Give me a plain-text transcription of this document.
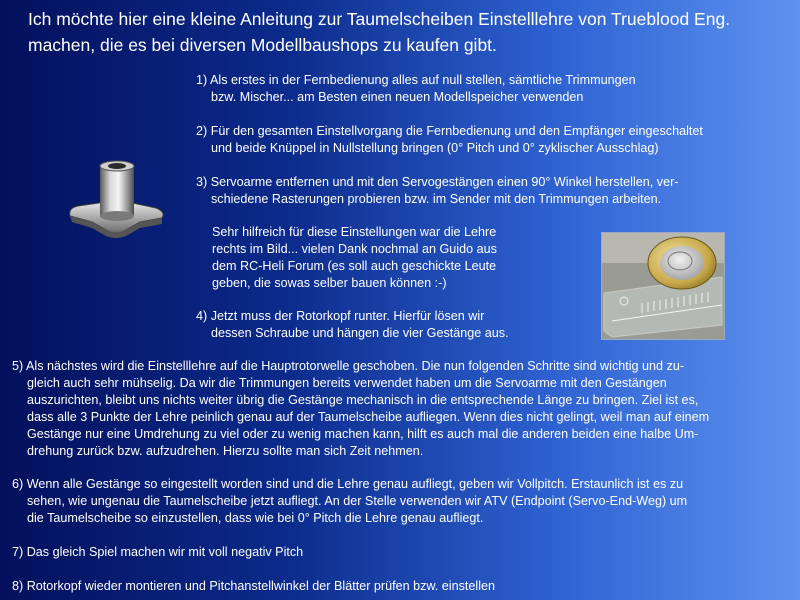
Ich möchte hier eine kleine Anleitung zur Taumelscheiben Einstelllehre von Trueblood Eng.
machen, die es bei diversen Modellbaushops zu kaufen gibt.
1) Als erstes in der Fernbedienung alles auf null stellen, sämtliche Trimmungen
bzw. Mischer... am Besten einen neuen Modellspeicher verwenden
2) Für den gesamten Einstellvorgang die Fernbedienung und den Empfänger eingeschaltet
und beide Knüppel in Nullstellung bringen (0° Pitch und 0° zyklischer Ausschlag)
3) Servoarme entfernen und mit den Servogestängen einen 90° Winkel herstellen, ver-
schiedene Rasterungen probieren bzw. im Sender mit den Trimmungen arbeiten.
Sehr hilfreich für diese Einstellungen war die Lehre
rechts im Bild... vielen Dank nochmal an Guido aus
dem RC-Heli Forum (es soll auch geschickte Leute
geben, die sowas selber bauen können :-)
4) Jetzt muss der Rotorkopf runter. Hierfür lösen wir
dessen Schraube und hängen die vier Gestänge aus.
5) Als nächstes wird die Einstelllehre auf die Hauptrotorwelle geschoben. Die nun folgenden Schritte sind wichtig und zu-
gleich auch sehr mühselig. Da wir die Trimmungen bereits verwendet haben um die Servoarme mit den Gestängen
auszurichten, bleibt uns nichts weiter übrig die Gestänge mechanisch in die entsprechende Länge zu bringen. Ziel ist es,
dass alle 3 Punkte der Lehre peinlich genau auf der Taumelscheibe aufliegen. Wenn dies nicht gelingt, weil man auf einem
Gestänge nur eine Umdrehung zu viel oder zu wenig machen kann, hilft es auch mal die anderen beiden eine halbe Um-
drehung zurück bzw. aufzudrehen. Hierzu sollte man sich Zeit nehmen.
6) Wenn alle Gestänge so eingestellt worden sind und die Lehre genau aufliegt, geben wir Vollpitch. Erstaunlich ist es zu
sehen, wie ungenau die Taumelscheibe jetzt aufliegt. An der Stelle verwenden wir ATV (Endpoint (Servo-End-Weg) um
die Taumelscheibe so einzustellen, dass wie bei 0° Pitch die Lehre genau aufliegt.
7) Das gleich Spiel machen wir mit voll negativ Pitch
8) Rotorkopf wieder montieren und Pitchanstellwinkel der Blätter prüfen bzw. einstellen
